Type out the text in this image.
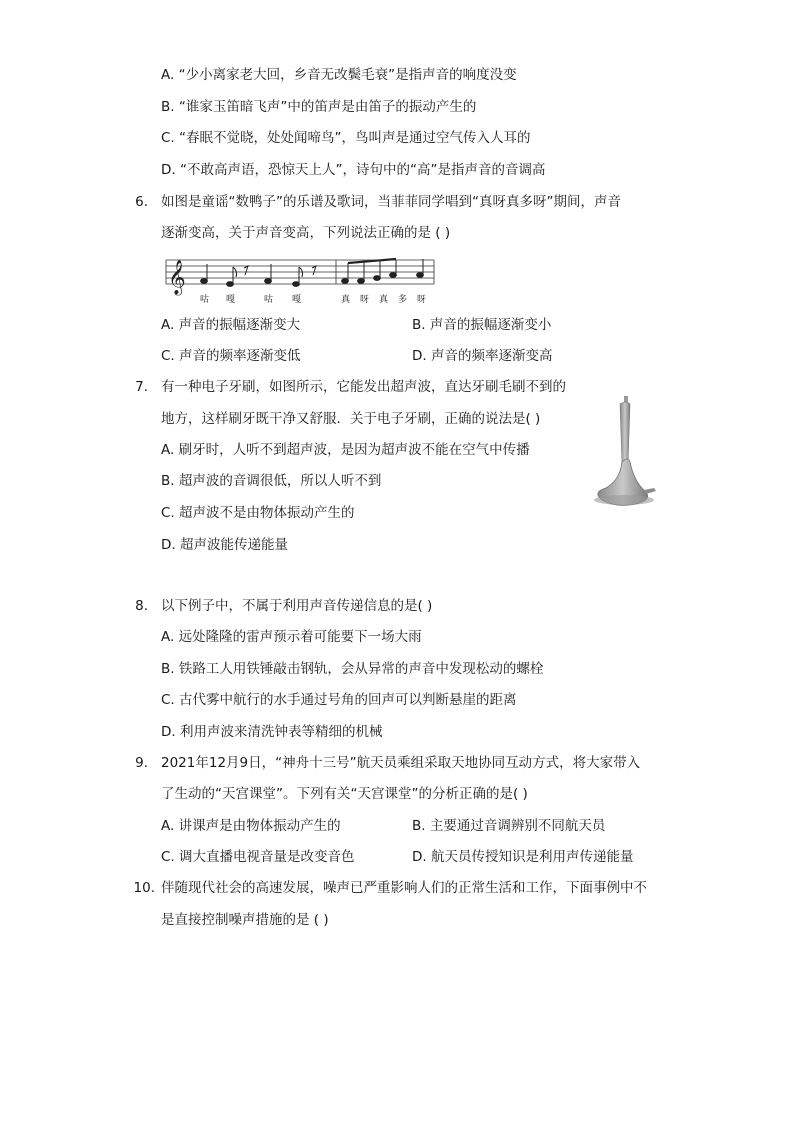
A. “少小离家老大回，乡音无改鬓毛衰”是指声音的响度没变
B. “谁家玉笛暗飞声”中的笛声是由笛子的振动产生的
C. “春眠不觉晓，处处闻啼鸟”，鸟叫声是通过空气传入人耳的
D. “不敢高声语，恐惊天上人”，诗句中的“高”是指声音的音调高
6. 如图是童谣“数鸭子”的乐谱及歌词，当菲菲同学唱到“真呀真多呀”期间，声音
逐渐变高，关于声音变高，下列说法正确的是 ( )
𝄞
咕 嘎	咕 嘎	真 呀 真 多 呀
A. 声音的振幅逐渐变大	B. 声音的振幅逐渐变小
C. 声音的频率逐渐变低	D. 声音的频率逐渐变高
7. 有一种电子牙刷，如图所示，它能发出超声波，直达牙刷毛刷不到的
地方，这样刷牙既干净又舒服．关于电子牙刷，正确的说法是( )
A. 刷牙时，人听不到超声波，是因为超声波不能在空气中传播
B. 超声波的音调很低，所以人听不到
C. 超声波不是由物体振动产生的
D. 超声波能传递能量
8. 以下例子中，不属于利用声音传递信息的是( )
A. 远处隆隆的雷声预示着可能要下一场大雨
B. 铁路工人用铁锤敲击钢轨，会从异常的声音中发现松动的螺栓
C. 古代雾中航行的水手通过号角的回声可以判断悬崖的距离
D. 利用声波来清洗钟表等精细的机械
9. 2021年12月9日，“神舟十三号”航天员乘组采取天地协同互动方式，将大家带入
了生动的“天宫课堂”。下列有关“天宫课堂”的分析正确的是( )
A. 讲课声是由物体振动产生的	B. 主要通过音调辨别不同航天员
C. 调大直播电视音量是改变音色	D. 航天员传授知识是利用声传递能量
10. 伴随现代社会的高速发展，噪声已严重影响人们的正常生活和工作，下面事例中不
是直接控制噪声措施的是 ( )
